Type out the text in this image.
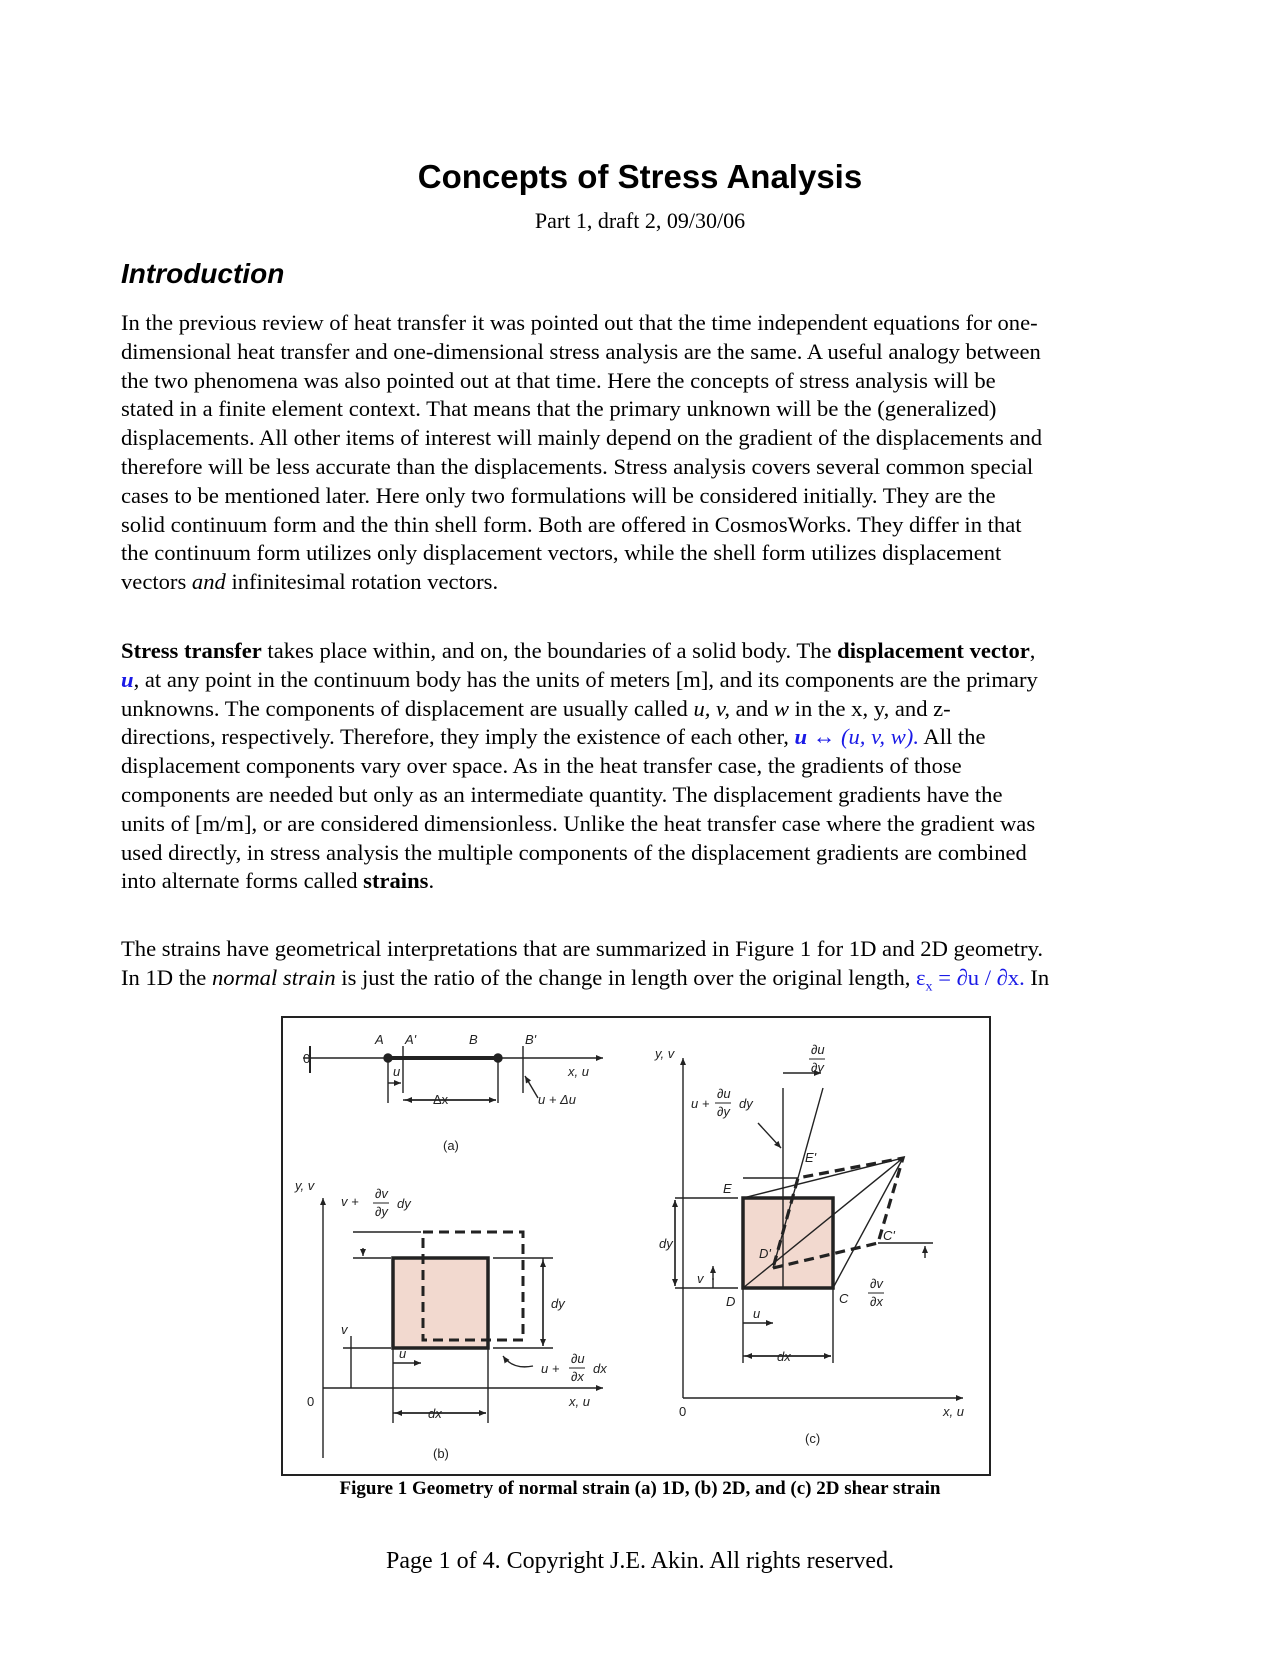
Concepts of Stress Analysis
Part 1, draft 2, 09/30/06
Introduction

In the previous review of heat transfer it was pointed out that the time independent equations for one-
dimensional heat transfer and one-dimensional stress analysis are the same. A useful analogy between
the two phenomena was also pointed out at that time. Here the concepts of stress analysis will be
stated in a finite element context. That means that the primary unknown will be the (generalized)
displacements. All other items of interest will mainly depend on the gradient of the displacements and
therefore will be less accurate than the displacements. Stress analysis covers several common special
cases to be mentioned later. Here only two formulations will be considered initially. They are the
solid continuum form and the thin shell form. Both are offered in CosmosWorks. They differ in that
the continuum form utilizes only displacement vectors, while the shell form utilizes displacement
vectors and infinitesimal rotation vectors.

Stress transfer takes place within, and on, the boundaries of a solid body. The displacement vector,
u, at any point in the continuum body has the units of meters [m], and its components are the primary
unknowns. The components of displacement are usually called u, v, and w in the x, y, and z-
directions, respectively. Therefore, they imply the existence of each other, u ↔ (u, v, w). All the
displacement components vary over space. As in the heat transfer case, the gradients of those
components are needed but only as an intermediate quantity. The displacement gradients have the
units of [m/m], or are considered dimensionless. Unlike the heat transfer case where the gradient was
used directly, in stress analysis the multiple components of the displacement gradients are combined
into alternate forms called strains.

The strains have geometrical interpretations that are summarized in Figure 1 for 1D and 2D geometry.
In 1D the normal strain is just the ratio of the change in length over the original length, $\varepsilon_x = \partial u / \partial x$. In

0
A A'	B	B'
x, u
u
Δx	u + Δu
(a)
y, v
v +
∂v
∂y
dy
v
u
dy
u +
∂u
∂x
dx
0	x, u
dx
(b)
y, v	∂u
∂y
u +
∂u
∂y
dy
E
E'
D'
C'
dy
v
D	C
u
∂v
∂x
dx
0	x, u
(c)
Figure 1 Geometry of normal strain (a) 1D, (b) 2D, and (c) 2D shear strain
Page 1 of 4. Copyright J.E. Akin. All rights reserved.
